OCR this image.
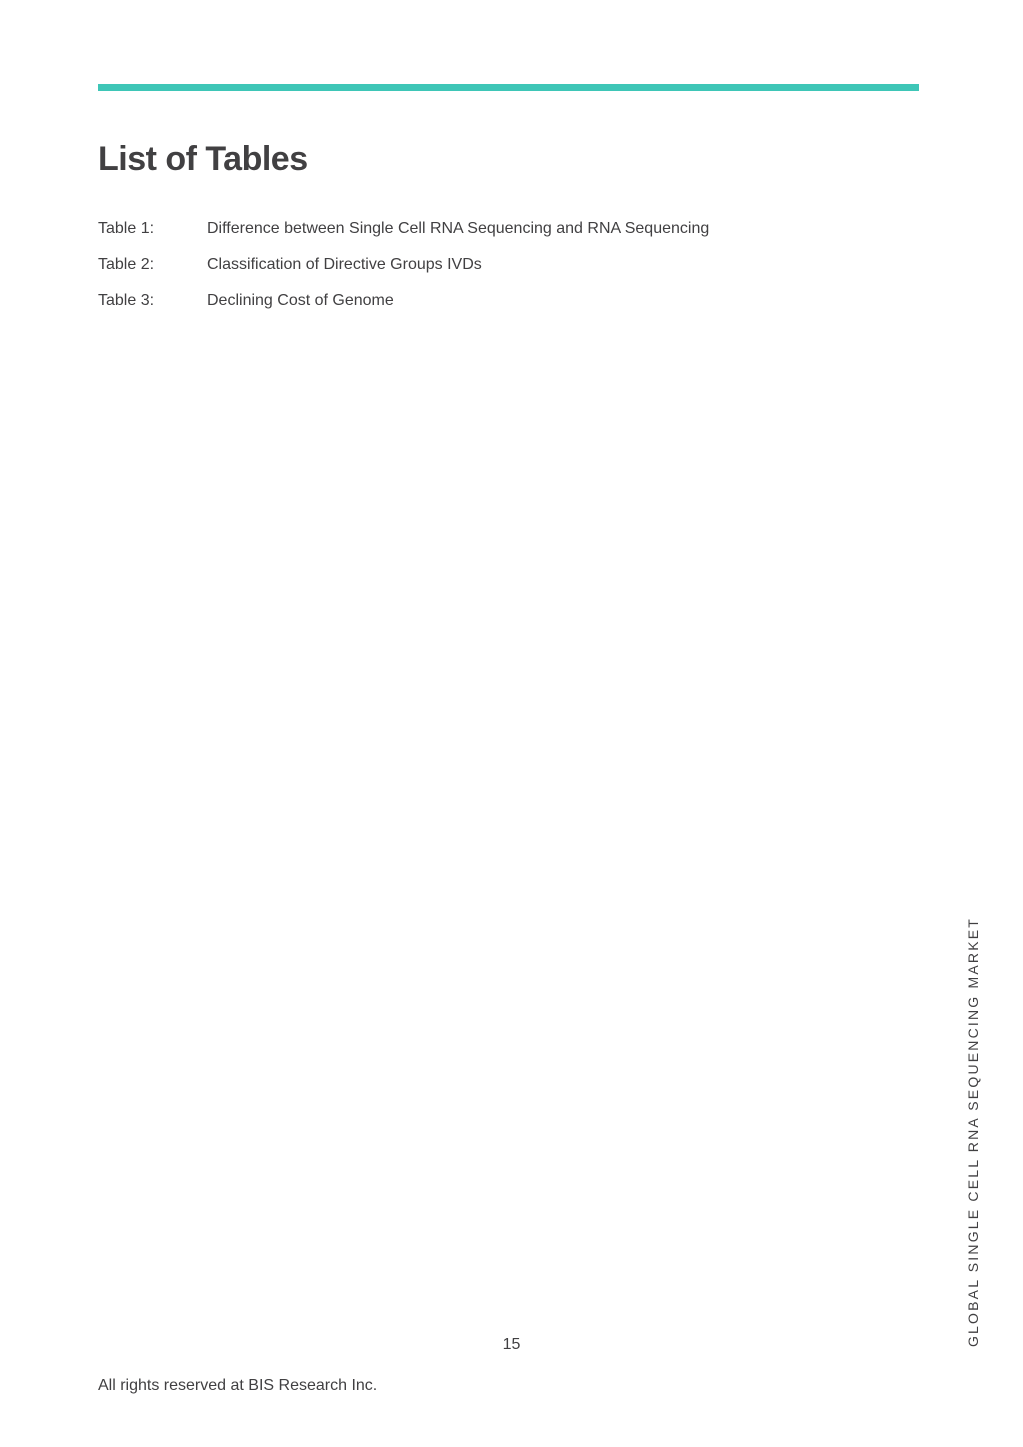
List of Tables
Table 1:	Difference between Single Cell RNA Sequencing and RNA Sequencing
Table 2:	Classification of Directive Groups IVDs
Table 3:	Declining Cost of Genome
GLOBAL SINGLE CELL RNA SEQUENCING MARKET
15
All rights reserved at BIS Research Inc.
